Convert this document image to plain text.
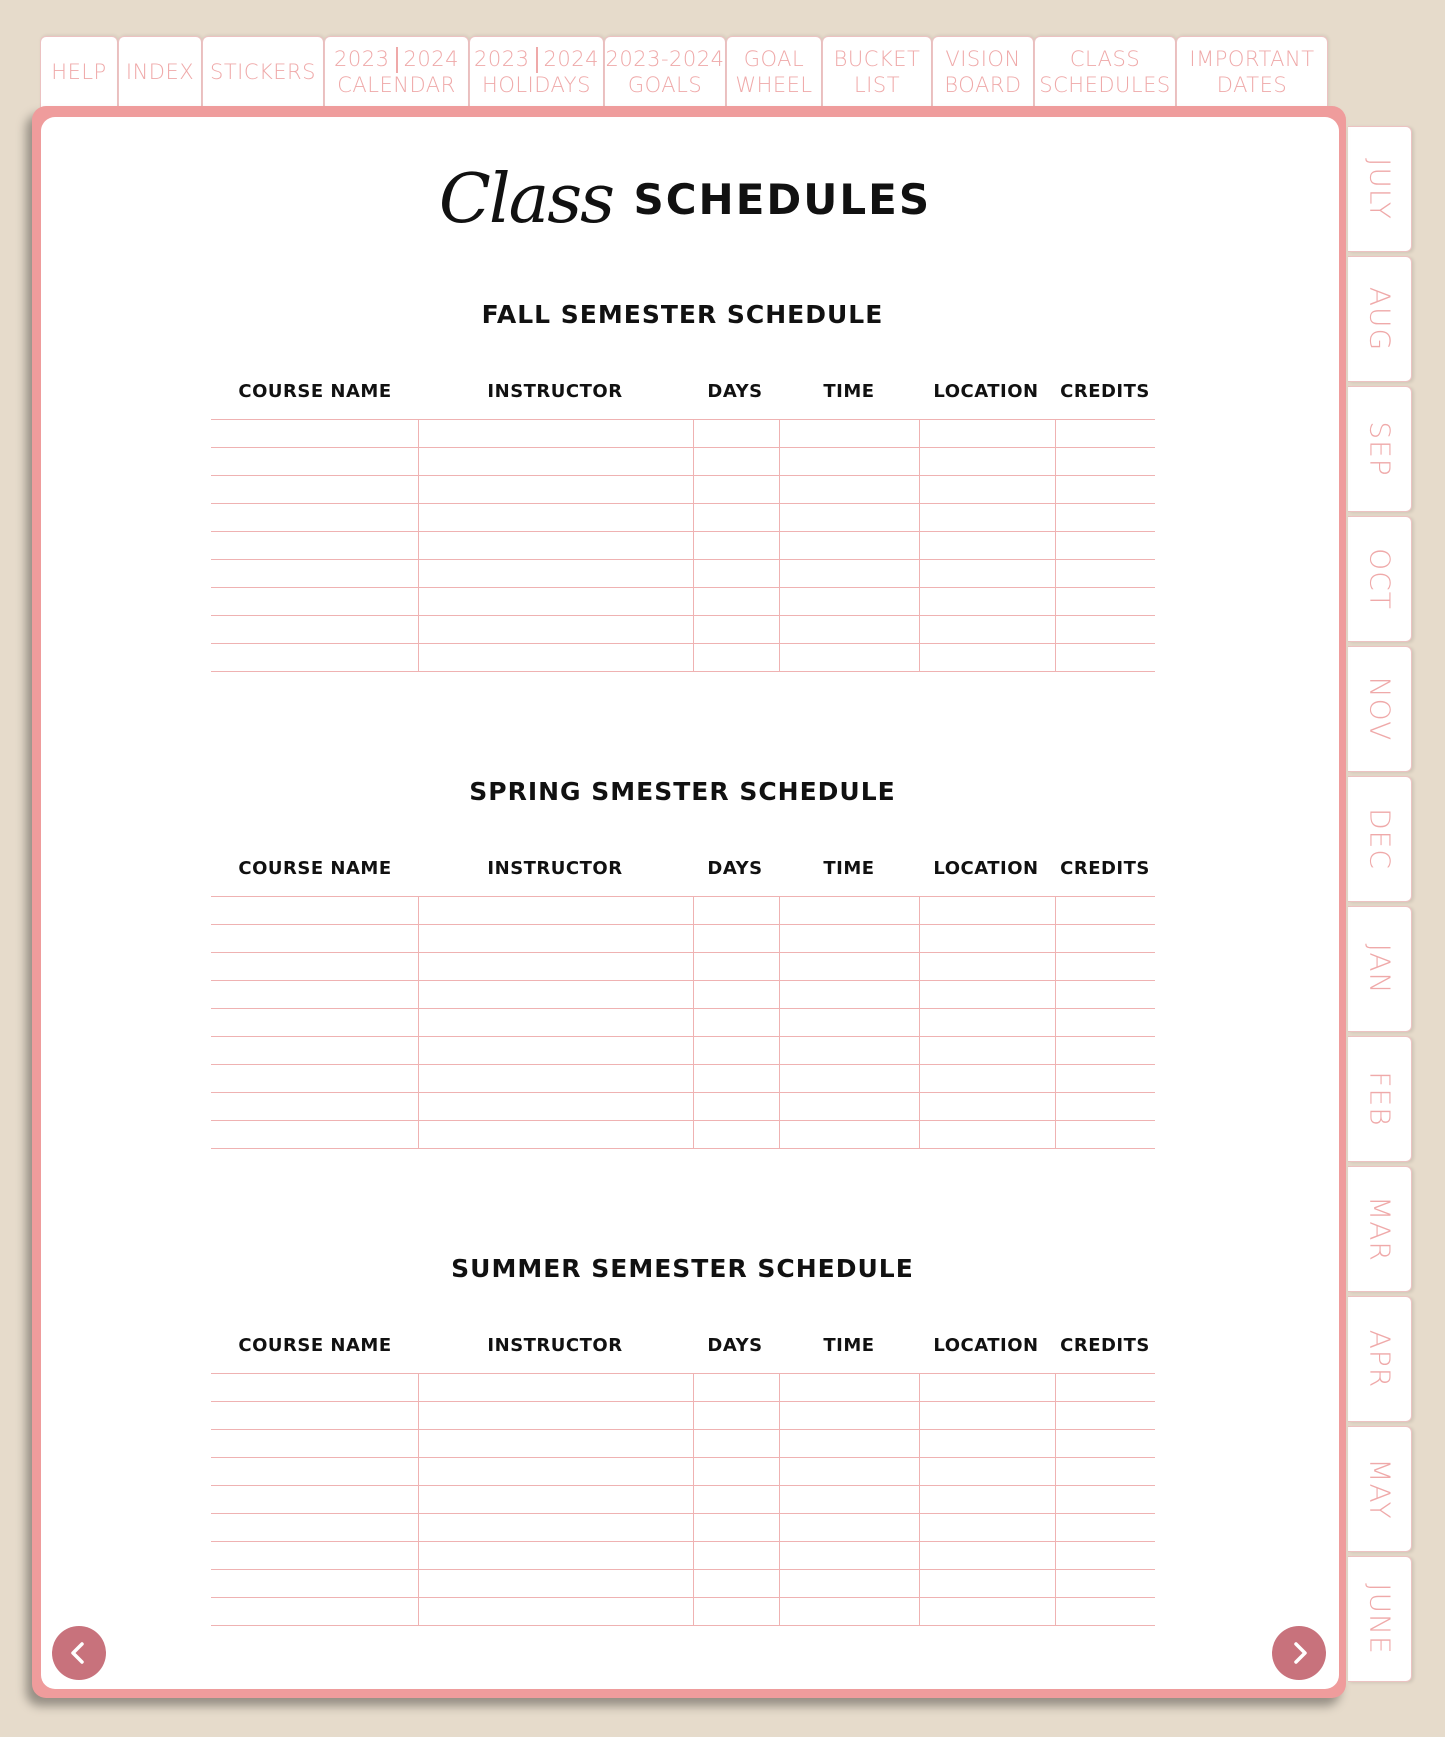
HELP INDEX STICKERS
2023 2024
CALENDAR
2023 2024
HOLIDAYS
2023-2024
GOALS
GOAL
WHEEL
BUCKET
LIST
VISION
BOARD
CLASS
SCHEDULES
IMPORTANT
DATES
JULY
AUG
SEP
OCT
NOV
DEC
JAN
FEB
MAR
APR
MAY
JUNE
Class SCHEDULES
FALL SEMESTER SCHEDULE
COURSE NAME	INSTRUCTOR	DAYS	TIME	LOCATION CREDITS
SPRING SMESTER SCHEDULE
COURSE NAME	INSTRUCTOR	DAYS	TIME	LOCATION CREDITS
SUMMER SEMESTER SCHEDULE
COURSE NAME	INSTRUCTOR	DAYS	TIME	LOCATION CREDITS
